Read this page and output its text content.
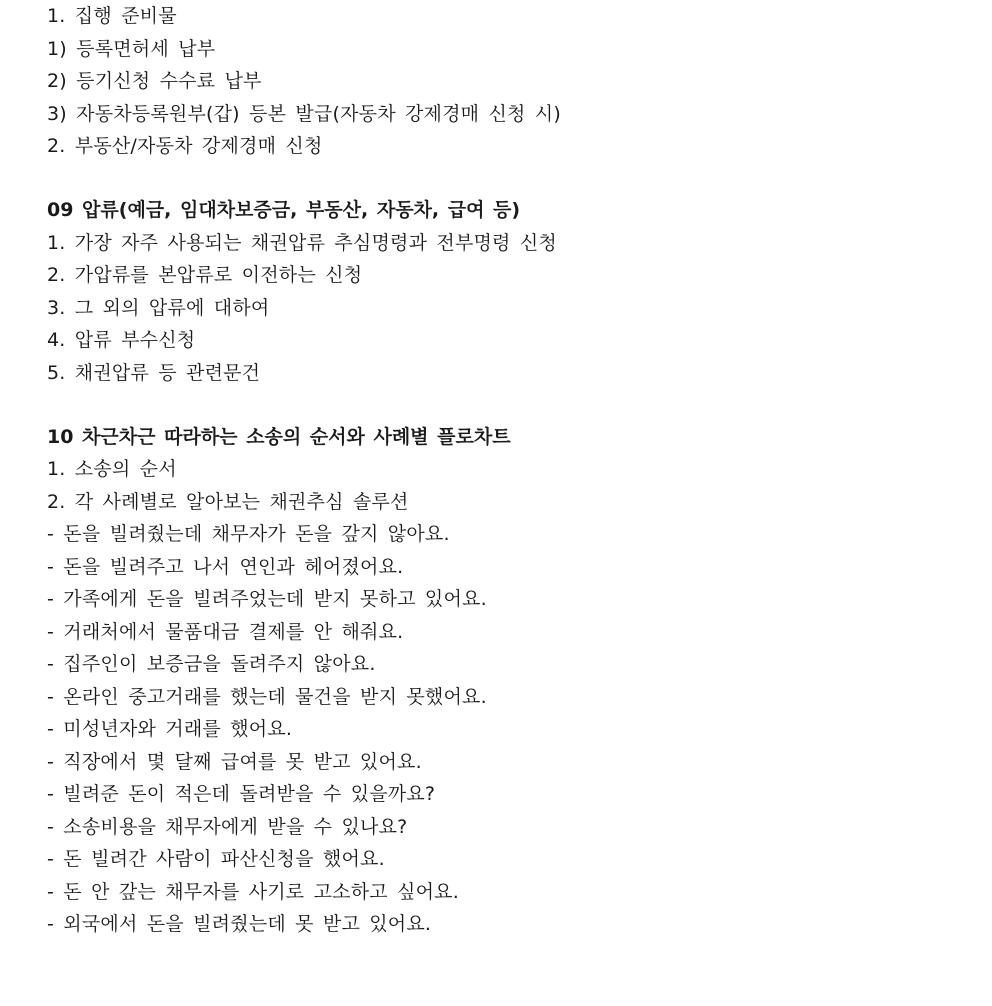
1. 집행 준비물
1) 등록면허세 납부
2) 등기신청 수수료 납부
3) 자동차등록원부(갑) 등본 발급(자동차 강제경매 신청 시)
2. 부동산/자동차 강제경매 신청
09 압류(예금, 임대차보증금, 부동산, 자동차, 급여 등)
1. 가장 자주 사용되는 채권압류 추심명령과 전부명령 신청
2. 가압류를 본압류로 이전하는 신청
3. 그 외의 압류에 대하여
4. 압류 부수신청
5. 채권압류 등 관련문건
10 차근차근 따라하는 소송의 순서와 사례별 플로차트
1. 소송의 순서
2. 각 사례별로 알아보는 채권추심 솔루션
- 돈을 빌려줬는데 채무자가 돈을 갚지 않아요.
- 돈을 빌려주고 나서 연인과 헤어졌어요.
- 가족에게 돈을 빌려주었는데 받지 못하고 있어요.
- 거래처에서 물품대금 결제를 안 해줘요.
- 집주인이 보증금을 돌려주지 않아요.
- 온라인 중고거래를 했는데 물건을 받지 못했어요.
- 미성년자와 거래를 했어요.
- 직장에서 몇 달째 급여를 못 받고 있어요.
- 빌려준 돈이 적은데 돌려받을 수 있을까요?
- 소송비용을 채무자에게 받을 수 있나요?
- 돈 빌려간 사람이 파산신청을 했어요.
- 돈 안 갚는 채무자를 사기로 고소하고 싶어요.
- 외국에서 돈을 빌려줬는데 못 받고 있어요.
